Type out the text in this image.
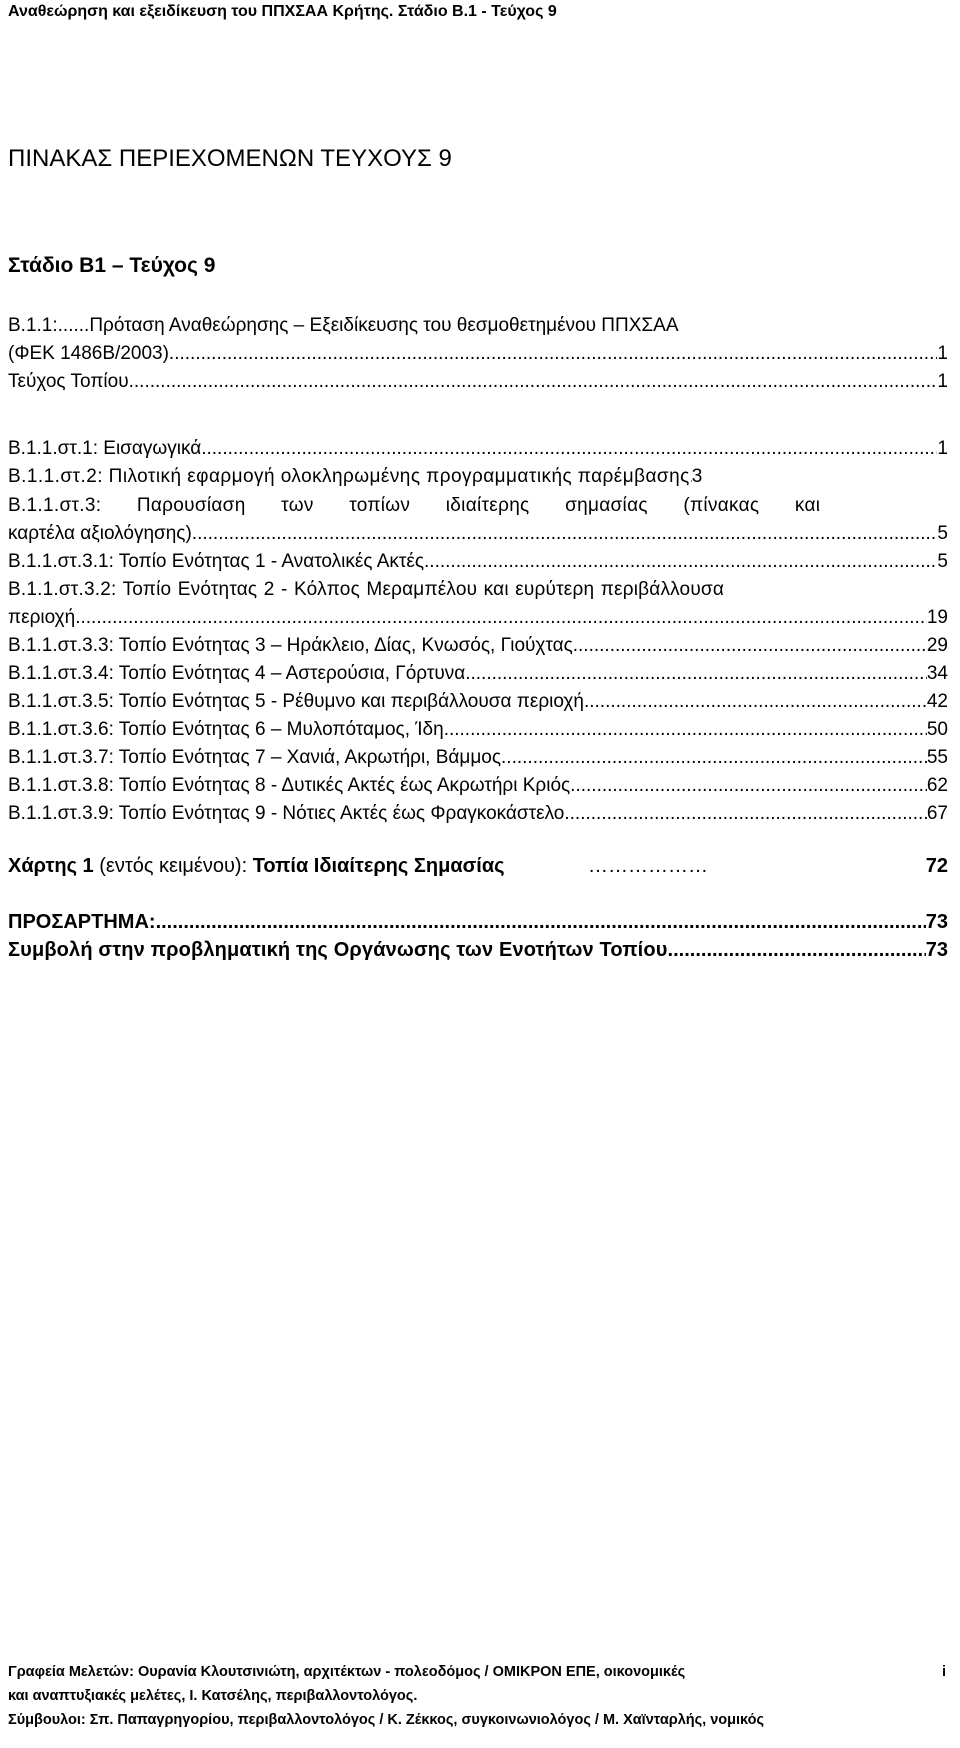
Αναθεώρηση και εξειδίκευση του ΠΠΧΣΑΑ Κρήτης. Στάδιο Β.1 - Τεύχος 9
ΠΙΝΑΚΑΣ ΠΕΡΙΕΧΟΜΕΝΩΝ ΤΕΥΧΟΥΣ 9
Στάδιο Β1 – Τεύχος 9
Β.1.1:......Πρόταση Αναθεώρησης – Εξειδίκευσης του θεσμοθετημένου ΠΠΧΣΑΑ
(ΦΕΚ 1486Β/2003). .....	1
Τεύχος Τοπίου. .....	1
Β.1.1.στ.1: Εισαγωγικά .....	1
Β.1.1.στ.2: Πιλοτική εφαρμογή ολοκληρωμένης προγραμματικής παρέμβασης ..... 3
Β.1.1.στ.3: Παρουσίαση των τοπίων ιδιαίτερης σημασίας (πίνακας και
καρτέλα αξιολόγησης) .....	5
Β.1.1.στ.3.1: Τοπίο Ενότητας 1 - Ανατολικές Ακτές .....	5
Β.1.1.στ.3.2: Τοπίο Ενότητας 2 - Κόλπος Μεραμπέλου και ευρύτερη περιβάλλουσα
περιοχή .....	19
Β.1.1.στ.3.3: Τοπίο Ενότητας 3 – Ηράκλειο, Δίας, Κνωσός, Γιούχτας .....	29
Β.1.1.στ.3.4: Τοπίο Ενότητας 4 – Αστερούσια, Γόρτυνα .....	34
Β.1.1.στ.3.5: Τοπίο Ενότητας 5 - Ρέθυμνο και περιβάλλουσα περιοχή .....	42
Β.1.1.στ.3.6: Τοπίο Ενότητας 6 – Μυλοπόταμος, Ίδη .....	50
Β.1.1.στ.3.7: Τοπίο Ενότητας 7 – Χανιά, Ακρωτήρι, Βάμμος .....	55
Β.1.1.στ.3.8: Τοπίο Ενότητας 8 - Δυτικές Ακτές έως Ακρωτήρι Κριός .....	62
Β.1.1.στ.3.9: Τοπίο Ενότητας 9 - Νότιες Ακτές έως Φραγκοκάστελο .....	67
Χάρτης 1 (εντός κειμένου): Τοπία Ιδιαίτερης Σημασίας	………………	72
ΠΡΟΣΑΡΤΗΜΑ: .....	73
Συμβολή στην προβληματική της Οργάνωσης των Ενοτήτων Τοπίου .....	73
Γραφεία Μελετών: Ουρανία Κλουτσινιώτη, αρχιτέκτων - πολεοδόμος / ΟΜΙΚΡΟΝ ΕΠΕ, οικονομικές	i
και αναπτυξιακές μελέτες, Ι. Κατσέλης, περιβαλλοντολόγος.
Σύμβουλοι: Σπ. Παπαγρηγορίου, περιβαλλοντολόγος / Κ. Ζέκκος, συγκοινωνιολόγος / Μ. Χαϊνταρλής, νομικός
